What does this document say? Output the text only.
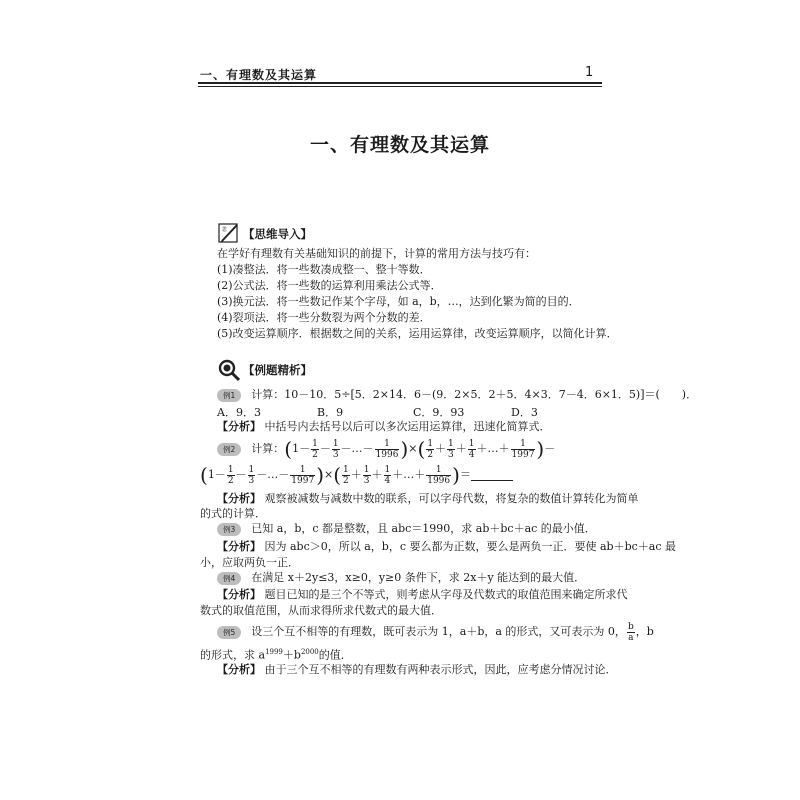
一、有理数及其运算	1
一、有理数及其运算
思 【思维导入】
在学好有理数有关基础知识的前提下，计算的常用方法与技巧有：
(1)凑整法．将一些数凑成整一、整十等数．
(2)公式法．将一些数的运算利用乘法公式等．
(3)换元法．将一些数记作某个字母，如 a，b，…，达到化繁为简的目的．
(4)裂项法．将一些分数裂为两个分数的差．
(5)改变运算顺序．根据数之间的关系，运用运算律，改变运算顺序，以简化计算．
【例题精析】
例1 计算：10－10．5÷[5．2×14．6－(9．2×5．2＋5．4×3．7－4．6×1．5)]＝(　　)．
A．9．3	B．9	C．9．93	D．3
【分析】 中括号内去括号以后可以多次运用运算律，迅速化简算式．
例2 计算：($1- \frac{1}{2} - \frac{1}{3}$ －…－ $\frac{1}{1996}$ )×( $\frac{1}{2} + \frac{1}{3} + \frac{1}{4}$ ＋…＋ $\frac{1}{1997}$ )－
($1- \frac{1}{2} - \frac{1}{3}$ －…－ $\frac{1}{1997}$ )×( $\frac{1}{2} + \frac{1}{3} + \frac{1}{4}$ ＋…＋ $\frac{1}{1996}$ )＝
【分析】 观察被减数与减数中数的联系，可以字母代数，将复杂的数值计算转化为简单
的式的计算．
例3 已知 a，b，c 都是整数，且 abc＝1990，求 ab＋bc＋ac 的最小值．
【分析】 因为 abc＞0，所以 a，b，c 要么都为正数，要么是两负一正．要使 ab＋bc＋ac 最
小，应取两负一正．
例4 在满足 x＋2y≤3，x≥0，y≥0 条件下，求 2x＋y 能达到的最大值．
【分析】 题目已知的是三个不等式，则考虑从字母及代数式的取值范围来确定所求代
数式的取值范围，从而求得所求代数式的最大值．
例5 设三个互不相等的有理数，既可表示为 1，a＋b，a 的形式，又可表示为 0， $\frac{b}{a}$ ，b
的形式，求 $a^{1999}+b^{2000}$的值．
【分析】 由于三个互不相等的有理数有两种表示形式，因此，应考虑分情况讨论．
